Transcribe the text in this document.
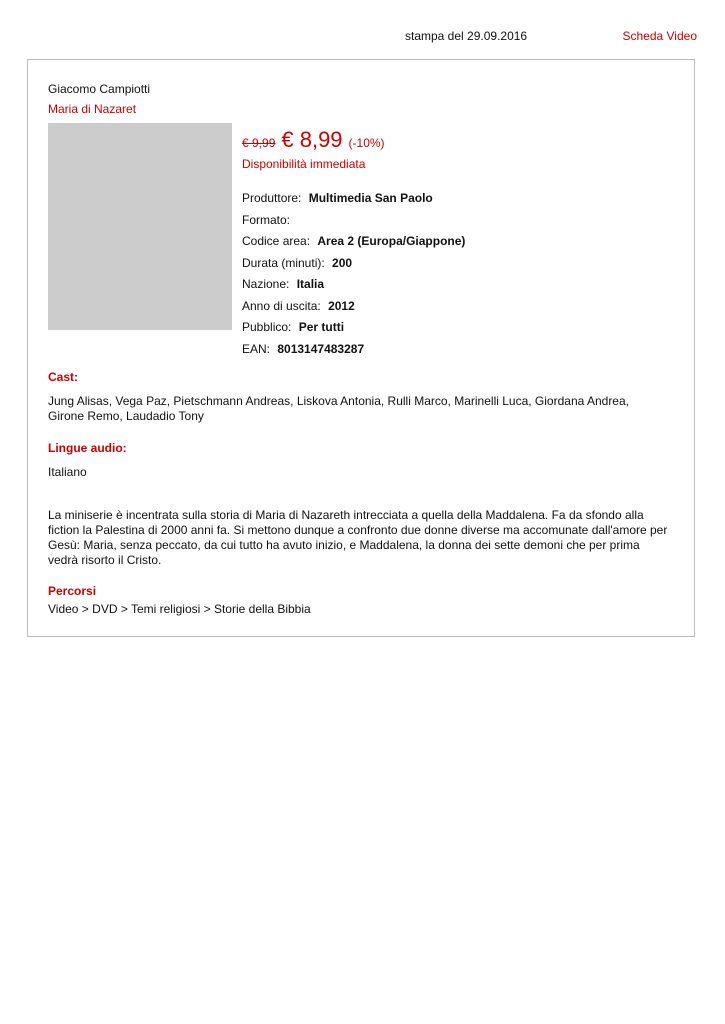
stampa del 29.09.2016	Scheda Video
Giacomo Campiotti
Maria di Nazaret
€ 9,99 € 8,99 (-10%)
Disponibilità immediata
Produttore: Multimedia San Paolo
Formato:
Codice area: Area 2 (Europa/Giappone)
Durata (minuti): 200
Nazione: Italia
Anno di uscita: 2012
Pubblico: Per tutti
EAN: 8013147483287
Cast:
Jung Alisas, Vega Paz, Pietschmann Andreas, Liskova Antonia, Rulli Marco, Marinelli Luca, Giordana Andrea, Girone Remo, Laudadio Tony
Lingue audio:
Italiano
La miniserie è incentrata sulla storia di Maria di Nazareth intrecciata a quella della Maddalena. Fa da sfondo alla fiction la Palestina di 2000 anni fa. Si mettono dunque a confronto due donne diverse ma accomunate dall'amore per Gesù: Maria, senza peccato, da cui tutto ha avuto inizio, e Maddalena, la donna dei sette demoni che per prima vedrà risorto il Cristo.
Percorsi
Video > DVD > Temi religiosi > Storie della Bibbia
